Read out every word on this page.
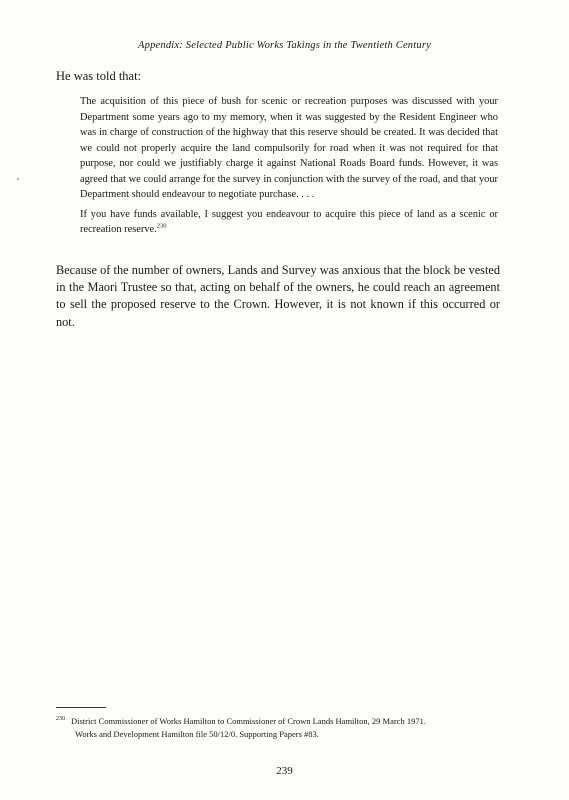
Appendix: Selected Public Works Takings in the Twentieth Century
He was told that:

The acquisition of this piece of bush for scenic or recreation purposes was discussed with your Department some years ago to my memory, when it was suggested by the Resident Engineer who was in charge of construction of the highway that this reserve should be created. It was decided that we could not properly acquire the land compulsorily for road when it was not required for that purpose, nor could we justifiably charge it against National Roads Board funds. However, it was agreed that we could arrange for the survey in conjunction with the survey of the road, and that your Department should endeavour to negotiate purchase. . . .

If you have funds available, I suggest you endeavour to acquire this piece of land as a scenic or recreation reserve.$^{230}$

Because of the number of owners, Lands and Survey was anxious that the block be vested in the Maori Trustee so that, acting on behalf of the owners, he could reach an agreement to sell the proposed reserve to the Crown. However, it is not known if this occurred or not.

$^{230}$ District Commissioner of Works Hamilton to Commissioner of Crown Lands Hamilton, 29 March 1971.
Works and Development Hamilton file 50/12/0. Supporting Papers #83.
239
